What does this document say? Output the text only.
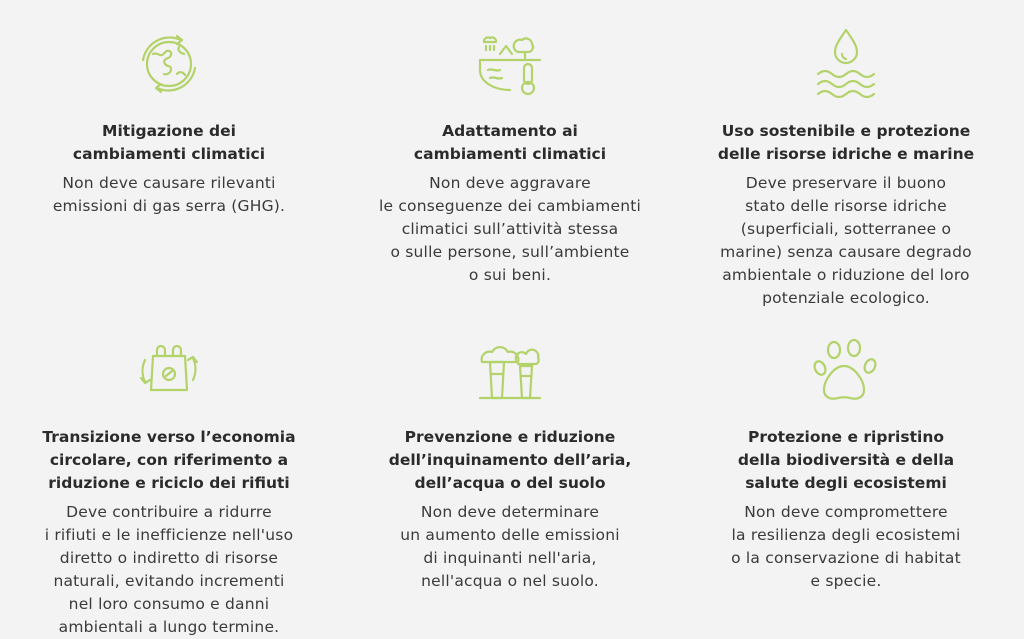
Mitigazione dei
cambiamenti climatici
Non deve causare rilevanti
emissioni di gas serra (GHG).
Adattamento ai
cambiamenti climatici
Non deve aggravare
le conseguenze dei cambiamenti
climatici sull’attività stessa
o sulle persone, sull’ambiente
o sui beni.
Uso sostenibile e protezione
delle risorse idriche e marine
Deve preservare il buono
stato delle risorse idriche
(superficiali, sotterranee o
marine) senza causare degrado
ambientale o riduzione del loro
potenziale ecologico.
Transizione verso l’economia
circolare, con riferimento a
riduzione e riciclo dei rifiuti
Deve contribuire a ridurre
i rifiuti e le inefficienze nell'uso
diretto o indiretto di risorse
naturali, evitando incrementi
nel loro consumo e danni
ambientali a lungo termine.
Prevenzione e riduzione
dell’inquinamento dell’aria,
dell’acqua o del suolo
Non deve determinare
un aumento delle emissioni
di inquinanti nell'aria,
nell'acqua o nel suolo.
Protezione e ripristino
della biodiversità e della
salute degli ecosistemi
Non deve compromettere
la resilienza degli ecosistemi
o la conservazione di habitat
e specie.
